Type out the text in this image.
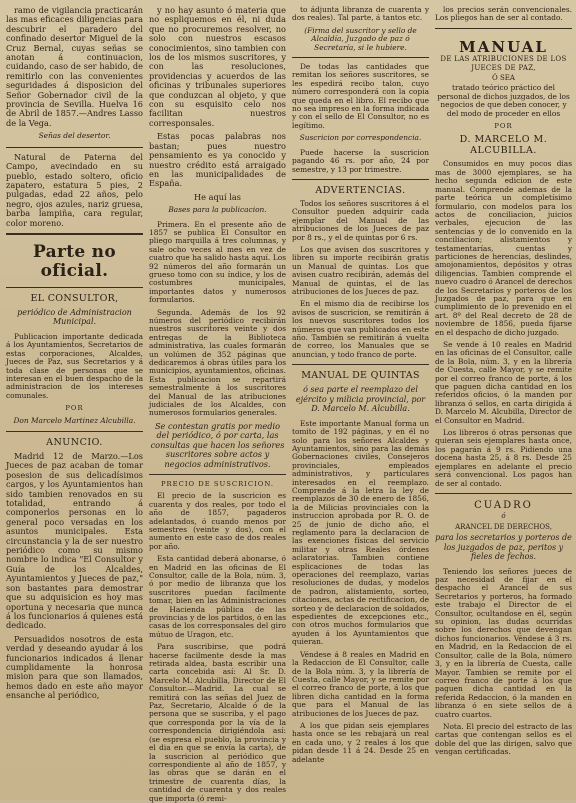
ramo de vigilancia practicarán las mas eficaces diligencias para descubrir el paradero del confinado desertor Miguel de la Cruz Bernal, cuyas señas se anotan á continuacion, cuidando, caso de ser habido, de remitirlo con las convenientes seguridades á disposicion del Señor Gobernador civil de la provincia de Sevilla. Huelva 16 de Abril de 1857.—Andres Lasso de la Vega.

Señas del desertor.

Natural de Paterna del Campo, avecindado en su pueblo, estado soltero, oficio zapatero, estatura 5 pies, 2 pulgadas, edad 22 años, pelo negro, ojos azules, nariz gruesa, barba lampiña, cara regular, color moreno.

Parte no oficial.
EL CONSULTOR,
periódico de Administracion Municipal.

Publicacion importante dedicada á los Ayuntamientos, Secretarios de estas corporaciones, Alcaldes, Jueces de Paz, sus Secretarios y á toda clase de personas que se interesan en el buen despacho de la administracion de los intereses comunales.

POR
Don Marcelo Martinez Alcubilla.
ANUNCIO.

Madrid 12 de Marzo.—Los Jueces de paz acaban de tomar posesion de sus delicadísimos cargos, y los Ayuntamientos han sido tambien renovados en su totalidad, entrando á componerlos personas en lo general poco versadas en los asuntos municipales. Esta circunstancia y la de ser nuestro periódico como su mismo nombre lo indica "El Consultor y Guía de los Alcaldes, Ayuntamientos y Jueces de paz," son bastantes para demostrar que su adquisicion es hoy mas oportuna y necesaria que nunca á los funcionarios á quienes está dedicado.

Persuadidos nosotros de esta verdad y deseando ayudar á los funcionarios indicados á llenar cumplidamente la honrosa mision para que son llamados, hemos dado en este año mayor ensanche al periódico,

y no hay asunto ó materia que no espliquemos en él, ni duda que no procuremos resolver, no solo con nuestros escasos conocimientos, sino tambien con los de los mismos suscritores, y con las resoluciones, providencias y acuerdos de las oficinas y tribunales superiores que conduzcan al objeto, y que con su esquisito celo nos facilitan nuestros corresponsales.

Estas pocas palabras nos bastan; pues nuestro pensamiento es ya conocido y nuestro crédito está arraigado en las municipalidades de España.

He aquí las

Bases para la publicacion.

Primera. En el presente año de 1857 se publica El Consultor en pliego marquilla á tres columnas, y sale ocho veces al mes en vez de cuatro que ha salido hasta aquí. Los 92 números del año formarán un grueso tomo con su índice, y los de costumbres municipales, importantes datos y numerosos formularios.

Segunda. Además de los 92 números del periódico recibirán nuestros suscritores veinte y dos entregas de la Biblioteca administrativa, las cuales formarán un volúmen de 352 páginas que dedicaremos á obras útiles para los municipios, ayuntamientos, oficinas. Esta publicacion se repartirá semestralmente á los suscritores del Manual de las atribuciones judiciales de los Alcaldes, con numerosos formularios generales.

Se contestan gratis por medio del periódico, ó por carta, las consultas que hacen los señores suscritores sobre actos y negocios administrativos.

PRECIO DE SUSCRICION.

El precio de la suscricion es cuarenta y dos reales, por todo el año de 1857, pagaderos adelantados, ó cuando menos por semestres (veinte y dos), con el aumento en este caso de dos reales por año.

Esta cantidad deberá abonarse, ó en Madrid en las oficinas de El Consultor, calle de la Bola, núm. 3, ó por medio de libranza que los suscritores puedan facilmente tomar, bien en las Administraciones de Hacienda pública de las provincias y de los partidos, ó en las casas de los corresponsales del giro mútuo de Uragon, etc.

Para suscribirse, que podrá hacerse facilmente desde la mas retirada aldea, basta escribir una carta concebida así: Al Sr. D. Marcelo M. Alcubilla, Director de El Consultor.—Madrid. La cual se remitirá con las señas del Juez de Paz, Secretario, Alcalde ó de la persona que se suscriba, y el pago que corresponda por la vía de la correspondencia dirigiéndola así: (se espresa el pueblo, la provincia y el dia en que se envía la carta), de la suscricion al periódico que correspondiente al año de 1857, y las obras que se darán en el trimestre de cuarenta días, la cantidad de cuarenta y dos reales que importa (ó remi-

to ádjunta libranza de cuarenta y dos reales). Tal parte, á tantos etc.

(Firma del suscritor y sello de Alcaldía, Juzgado de paz ó Secretaría, si le hubiere.

De todas las cantidades que remitan los señores suscritores, se les espedirá recibo talon, cuyo número corresponderá con la copia que queda en el libro. El recibo que no sea impreso en la forma indicada y con el sello de El Consultor, no es legítimo.

Suscricion por correspondencia.

Puede hacerse la suscricion pagando 46 rs. por año, 24 por semestre, y 13 por trimestre.

ADVERTENCIAS.

Todos los señores suscritores á el Consultor pueden adquirir cada ejemplar del Manual de las atribuciones de los Jueces de paz por 8 rs., y el de quintas por 6 rs.

Los que avisen dos suscritores y libren su importe recibirán gratis un Manual de quintas. Los que avisen cuatro recibirán, además del Manual de quintas, el de las atribuciones de los Jueces de paz.

En el mismo dia de recibirse los avisos de suscricion, se remitirán á los nuevos suscritores todos los números que van publicados en este año. También se remitirán á vuelta de correo, los Manuales que se anuncian, y todo franco de porte.

MANUAL DE QUINTAS
ó sea parte el reemplazo del ejército y milicia provincial, por D. Marcelo M. Alcubilla.

Este importante Manual forma un tomito de 192 páginas, y en él no solo para los señores Alcaldes y Ayuntamientos, sino para las demás Gobernaciones civiles, Consejeros provinciales, empleados administrativos, y particulares interesados en el reemplazo. Comprende á la letra la ley de reemplazos de 30 de enero de 1856, la de Milicias provinciales con la instruccion aprobada por R. O. de 25 de junio de dicho año, el reglamento para la declaracion de las exenciones físicas del servicio militar y otras Reales órdenes aclaratorias. Tambien contiene esplicaciones de todas las operaciones del reemplazo, varias resoluciones de dudas, y modelos de padron, alistamiento, sorteo, citaciones, actas de rectificacion, de sorteo y de declaracion de soldados, espedientes de excepciones etc., con otros muchos formularios que ayuden á los Ayuntamientos que quieran.

Véndese á 8 reales en Madrid en la Redaccion de El Consultor, calle de la Bola núm. 3, y la librería de Cuesta, calle Mayor, y se remite por el correo franco de porte, á los que libren dicha cantidad en la forma que para el Manual de las atribuciones de los Jueces de paz.

A los que pidan seis ejemplares hasta once se les rebajará un real en cada uno, y 2 reales á los que pidan desde 11 á 24. Desde 25 en adelante

los precios serán convencionales. Los pliegos han de ser al contado.

MANUAL
DE LAS ATRIBUCIONES DE LOS JUECES DE PAZ,
Ó SEA

tratado teórico práctico del personal de dichos juzgados, de los negocios de que deben conocer, y del modo de proceder en ellos

POR
D. MARCELO M. ALCUBILLA.

Consumidos en muy pocos dias mas de 3000 ejemplares, se ha hecho segunda edicion de este manual. Comprende ademas de la parte teórica un completísimo formulario, con modelos para los actos de conciliacion, juicios verbales, ejecucion de las sentencias y de lo convenido en la conciliacion; alistamientos y testamentarías, cuentas y particiones de herencias, deslindes, amojonamientos, depósitos y otras diligencias. Tambien comprende el nuevo cuadro ó Arancel de derechos de los Secretarios y porteros de los Juzgados de paz, para que en cumplimiento de lo prevenido en el art. 8º del Real decreto de 28 de noviembre de 1856, pueda fijarse en el despacho de dicho juzgado.

Se vende á 10 reales en Madrid en las oficinas de el Consultor, calle de la Bola, núm. 3, y en la librería de Cuesta, calle Mayor, y se remite por el correo franco de porte, á los que paguen dicha cantidad en los referidos oficios, ó la manden por libranza ó sellos, en carta dirigida á D. Marcelo M. Alcubilla, Director de el Consultor en Madrid.

Los libreros ó otras personas que quieran seis ejemplares hasta once, los pagarán á 9 rs. Pidiendo una docena hasta 25, á 8 rs. Desde 25 ejemplares en adelante el precio será convencional. Los pagos han de ser al contado.

CUADRO
ó
ARANCEL DE DERECHOS,
para los secretarios y porteros de los juzgados de paz, peritos y fieles de fechos.

Teniendo los señores jueces de paz necesidad de fijar en el despacho el Arancel de sus Secretarios y porteros, ha formado este trabajo el Director de el Consultor, ocultandose en él, según su opinion, las dudas ocurridas sobre los derechos que devengan dichos funcionarios. Véndese á 3 rs. en Madrid, en la Redaccion de el Consultor, calle de la Bola, número 3, y en la librería de Cuesta, calle Mayor. Tambien se remite por el correo franco de porte á los que paguen dicha cantidad en la referida Redaccion, ó la manden en libranza ó en siete sellos de á cuatro cuartos.

Nota. El precio del estracto de las cartas que contengan sellos es el doble del que las dirigen, salvo que vengan certificadas.
